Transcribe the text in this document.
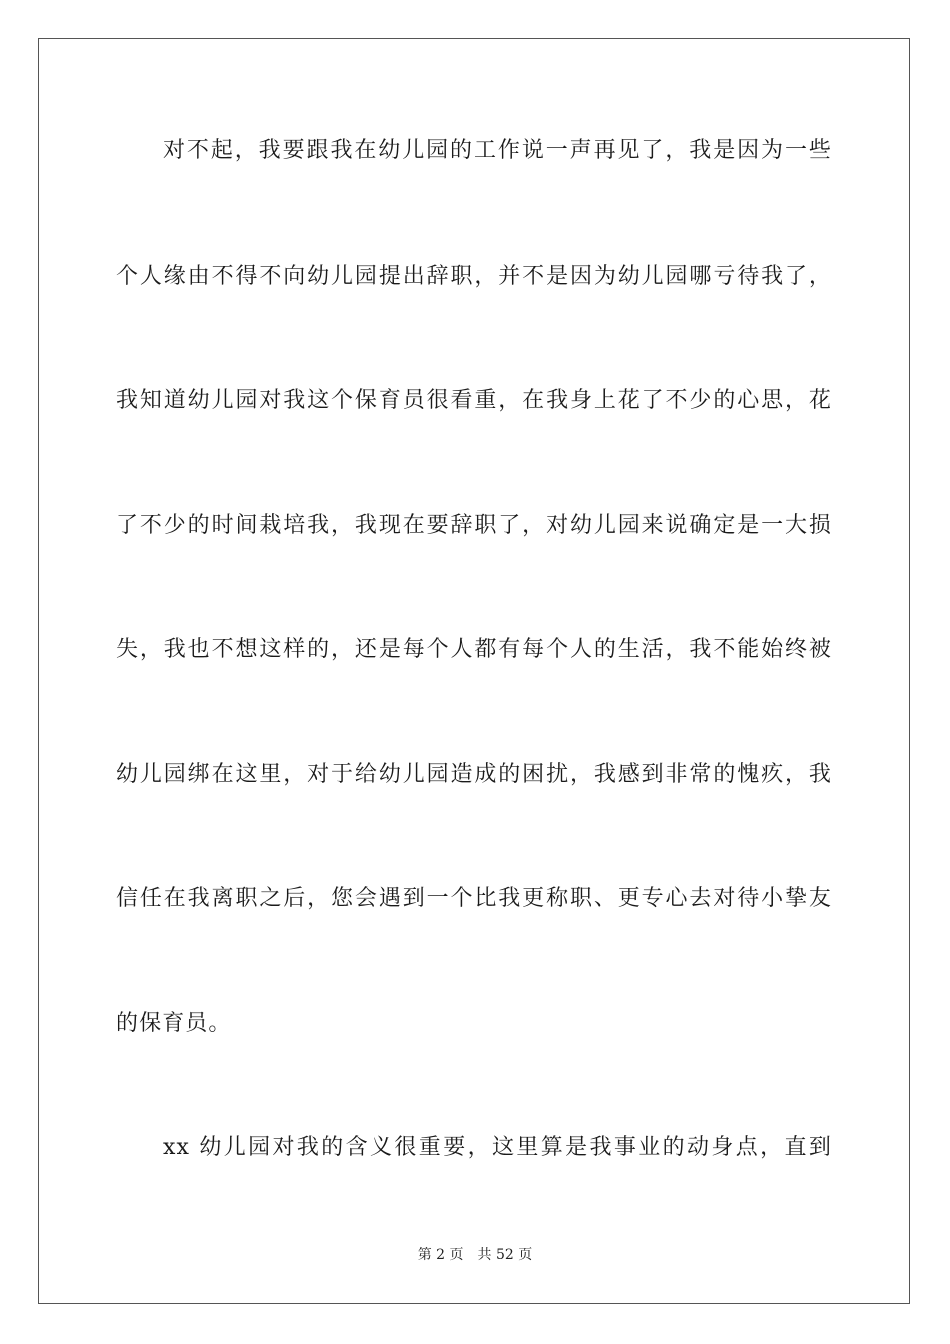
对不起，我要跟我在幼儿园的工作说一声再见了，我是因为一些
个人缘由不得不向幼儿园提出辞职，并不是因为幼儿园哪亏待我了，
我知道幼儿园对我这个保育员很看重，在我身上花了不少的心思，花
了不少的时间栽培我，我现在要辞职了，对幼儿园来说确定是一大损
失，我也不想这样的，还是每个人都有每个人的生活，我不能始终被
幼儿园绑在这里，对于给幼儿园造成的困扰，我感到非常的愧疚，我
信任在我离职之后，您会遇到一个比我更称职、更专心去对待小挚友
的保育员。
xx 幼儿园对我的含义很重要，这里算是我事业的动身点，直到
第 2 页 共 52 页
